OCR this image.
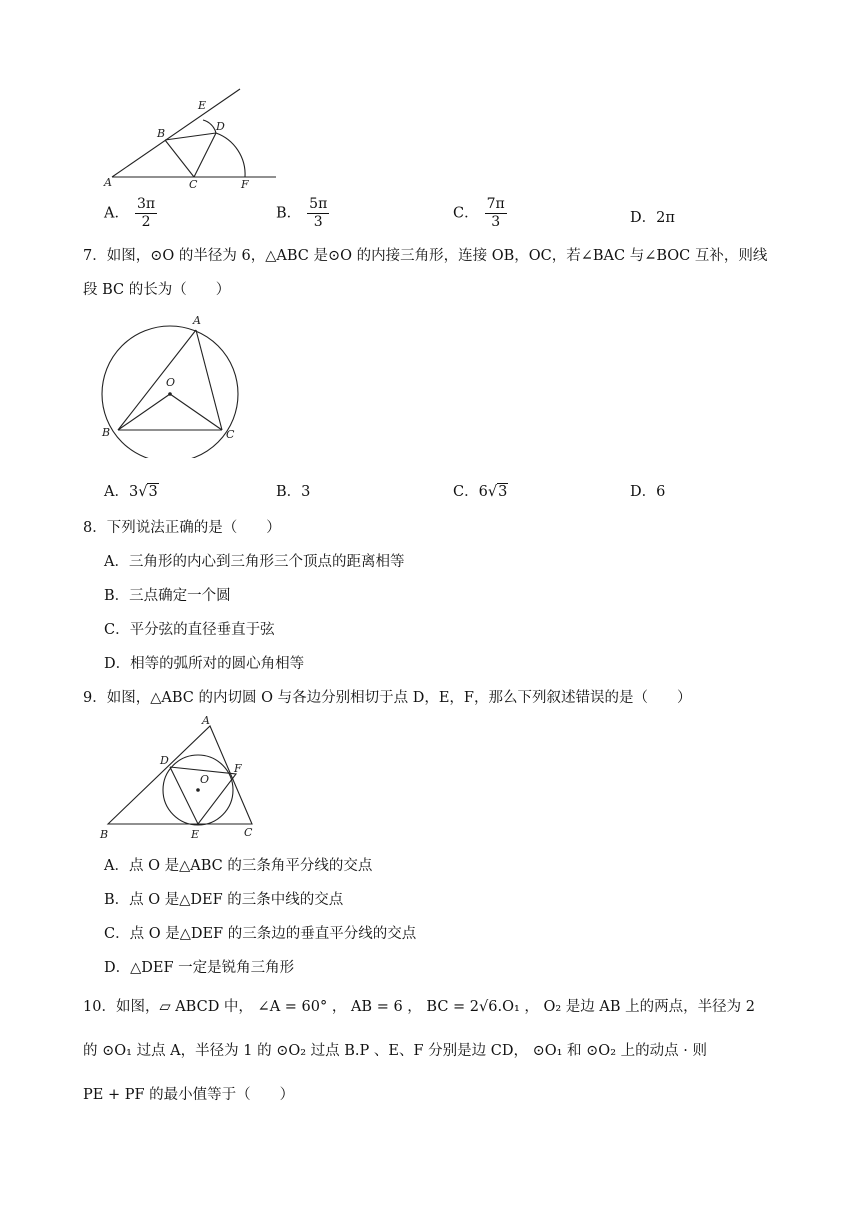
A
B
C
D
E
F
A． $\frac{3\pi}{2}$	B． $\frac{5\pi}{3}$	C． $\frac{7\pi}{3}$	D．2π
7．如图，⊙O 的半径为 6，△ABC 是⊙O 的内接三角形，连接 OB，OC，若∠BAC 与∠BOC 互补，则线
段 BC 的长为（　　）
A
O
B	C
A．3√3	B．3	C．6√3	D．6
8．下列说法正确的是（　　）
A．三角形的内心到三角形三个顶点的距离相等
B．三点确定一个圆
C．平分弦的直径垂直于弦
D．相等的弧所对的圆心角相等
9．如图，△ABC 的内切圆 O 与各边分别相切于点 D，E，F，那么下列叙述错误的是（　　）
A
D
O
F
B	E	C
A．点 O 是△ABC 的三条角平分线的交点
B．点 O 是△DEF 的三条中线的交点
C．点 O 是△DEF 的三条边的垂直平分线的交点
D．△DEF 一定是锐角三角形
10．如图，▱ ABCD 中， ∠A = 60° ， AB = 6 ， BC = 2√6.O₁ ， O₂ 是边 AB 上的两点，半径为 2
的 ⊙O₁ 过点 A，半径为 1 的 ⊙O₂ 过点 B.P 、E、F 分别是边 CD， ⊙O₁ 和 ⊙O₂ 上的动点 · 则
PE + PF 的最小值等于（　　）
